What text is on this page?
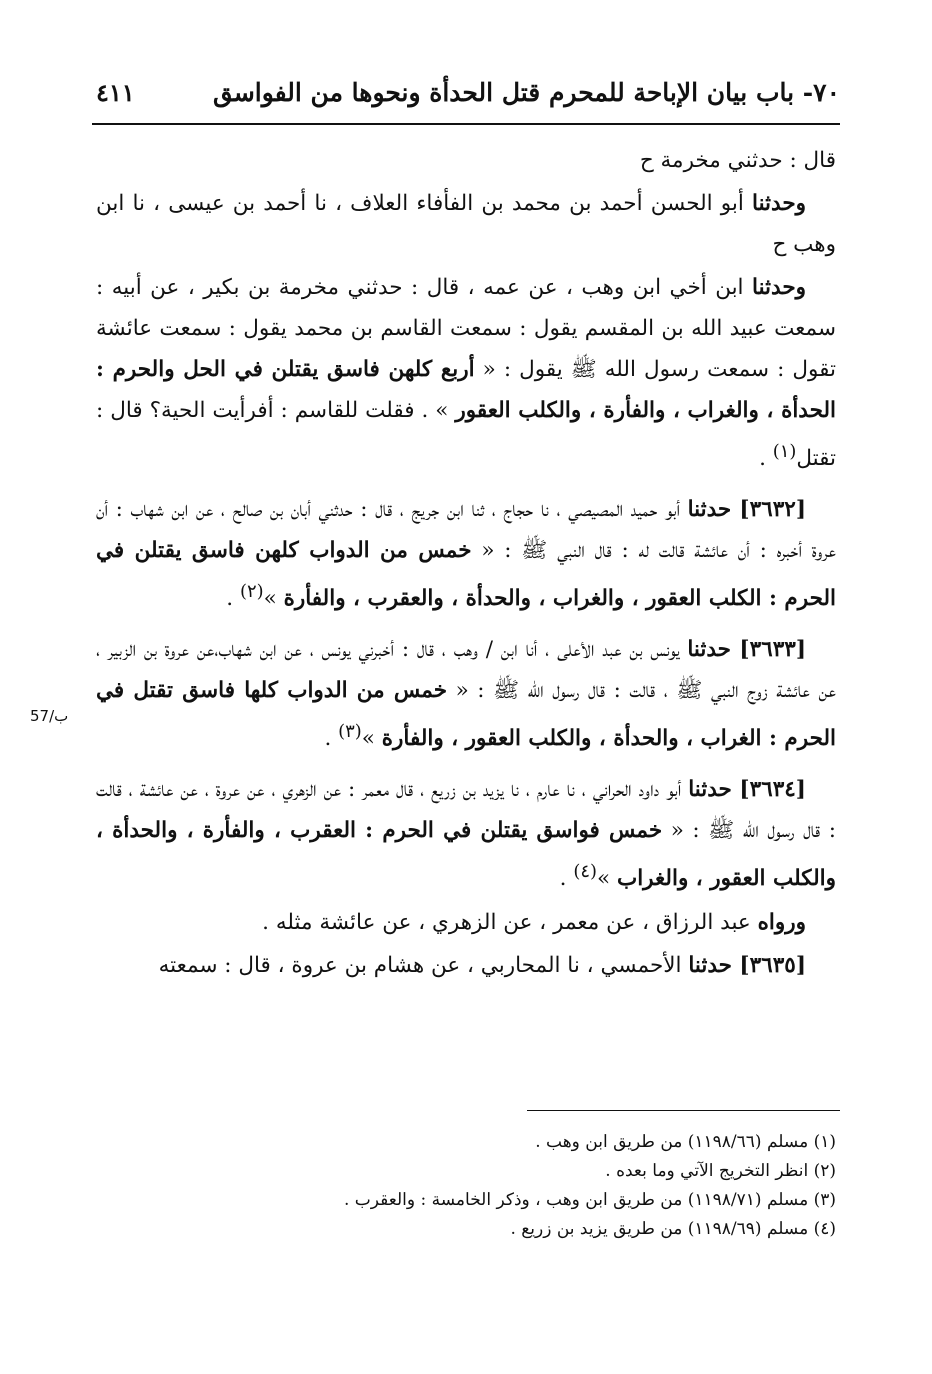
٤١١	٧٠- باب بيان الإباحة للمحرم قتل الحدأة ونحوها من الفواسق
57/ب
قال : حدثني مخرمة ح
وحدثنا أبو الحسن أحمد بن محمد بن الفأفاء العلاف ، نا أحمد بن عيسى ، نا ابن وهب ح
وحدثنا ابن أخي ابن وهب ، عن عمه ، قال : حدثني مخرمة بن بكير ، عن أبيه : سمعت عبيد الله بن المقسم يقول : سمعت القاسم بن محمد يقول : سمعت عائشة تقول : سمعت رسول الله ﷺ يقول : « أربع كلهن فاسق يقتلن في الحل والحرم : الحدأة ، والغراب ، والفأرة ، والكلب العقور » . فقلت للقاسم : أفرأيت الحية؟ قال : تقتل$^{(١)}$ .
[٣٦٣٢] حدثنا أبو حميد المصيصي ، نا حجاج ، ثنا ابن جريج ، قال : حدثني أبان بن صالح ، عن ابن شهاب : أن عروة أخبره : أن عائشة قالت له : قال النبي ﷺ : « خمس من الدواب كلهن فاسق يقتلن في الحرم : الكلب العقور ، والغراب ، والحدأة ، والعقرب ، والفأرة »$^{(٢)}$ .
[٣٦٣٣] حدثنا يونس بن عبد الأعلى ، أنا ابن / وهب ، قال : أخبرني يونس ، عن ابن شهاب،عن عروة بن الزبير ، عن عائشة زوج النبي ﷺ ، قالت : قال رسول الله ﷺ : « خمس من الدواب كلها فاسق تقتل في الحرم : الغراب ، والحدأة ، والكلب العقور ، والفأرة »$^{(٣)}$ .
[٣٦٣٤] حدثنا أبو داود الحراني ، نا عارم ، نا يزيد بن زريع ، قال معمر : عن الزهري ، عن عروة ، عن عائشة ، قالت : قال رسول الله ﷺ : « خمس فواسق يقتلن في الحرم : العقرب ، والفأرة ، والحدأة ، والكلب العقور ، والغراب »$^{(٤)}$ .
ورواه عبد الرزاق ، عن معمر ، عن الزهري ، عن عائشة مثله .
[٣٦٣٥] حدثنا الأحمسي ، نا المحاربي ، عن هشام بن عروة ، قال : سمعته
(١) مسلم (١١٩٨/٦٦) من طريق ابن وهب .
(٢) انظر التخريج الآتي وما بعده .
(٣) مسلم (١١٩٨/٧١) من طريق ابن وهب ، وذكر الخامسة : والعقرب .
(٤) مسلم (١١٩٨/٦٩) من طريق يزيد بن زريع .
